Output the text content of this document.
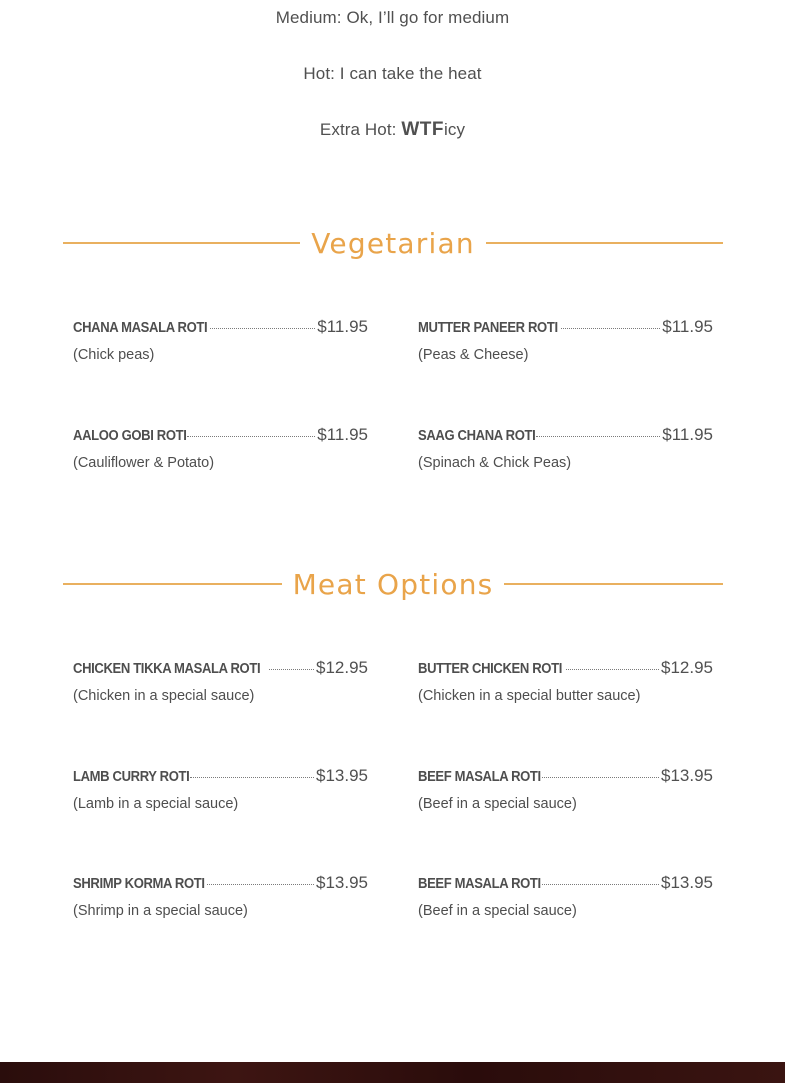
Medium: Ok, I’ll go for medium
Hot: I can take the heat
Extra Hot: WTFicy
Vegetarian
CHANA MASALA ROTI	$11.95
(Chick peas)
MUTTER PANEER ROTI	$11.95
(Peas & Cheese)
AALOO GOBI ROTI	$11.95
(Cauliflower & Potato)
SAAG CHANA ROTI	$11.95
(Spinach & Chick Peas)
Meat Options
CHICKEN TIKKA MASALA ROTI	$12.95
(Chicken in a special sauce)
BUTTER CHICKEN ROTI	$12.95
(Chicken in a special butter sauce)
LAMB CURRY ROTI	$13.95
(Lamb in a special sauce)
BEEF MASALA ROTI	$13.95
(Beef in a special sauce)
SHRIMP KORMA ROTI	$13.95
(Shrimp in a special sauce)
BEEF MASALA ROTI	$13.95
(Beef in a special sauce)
